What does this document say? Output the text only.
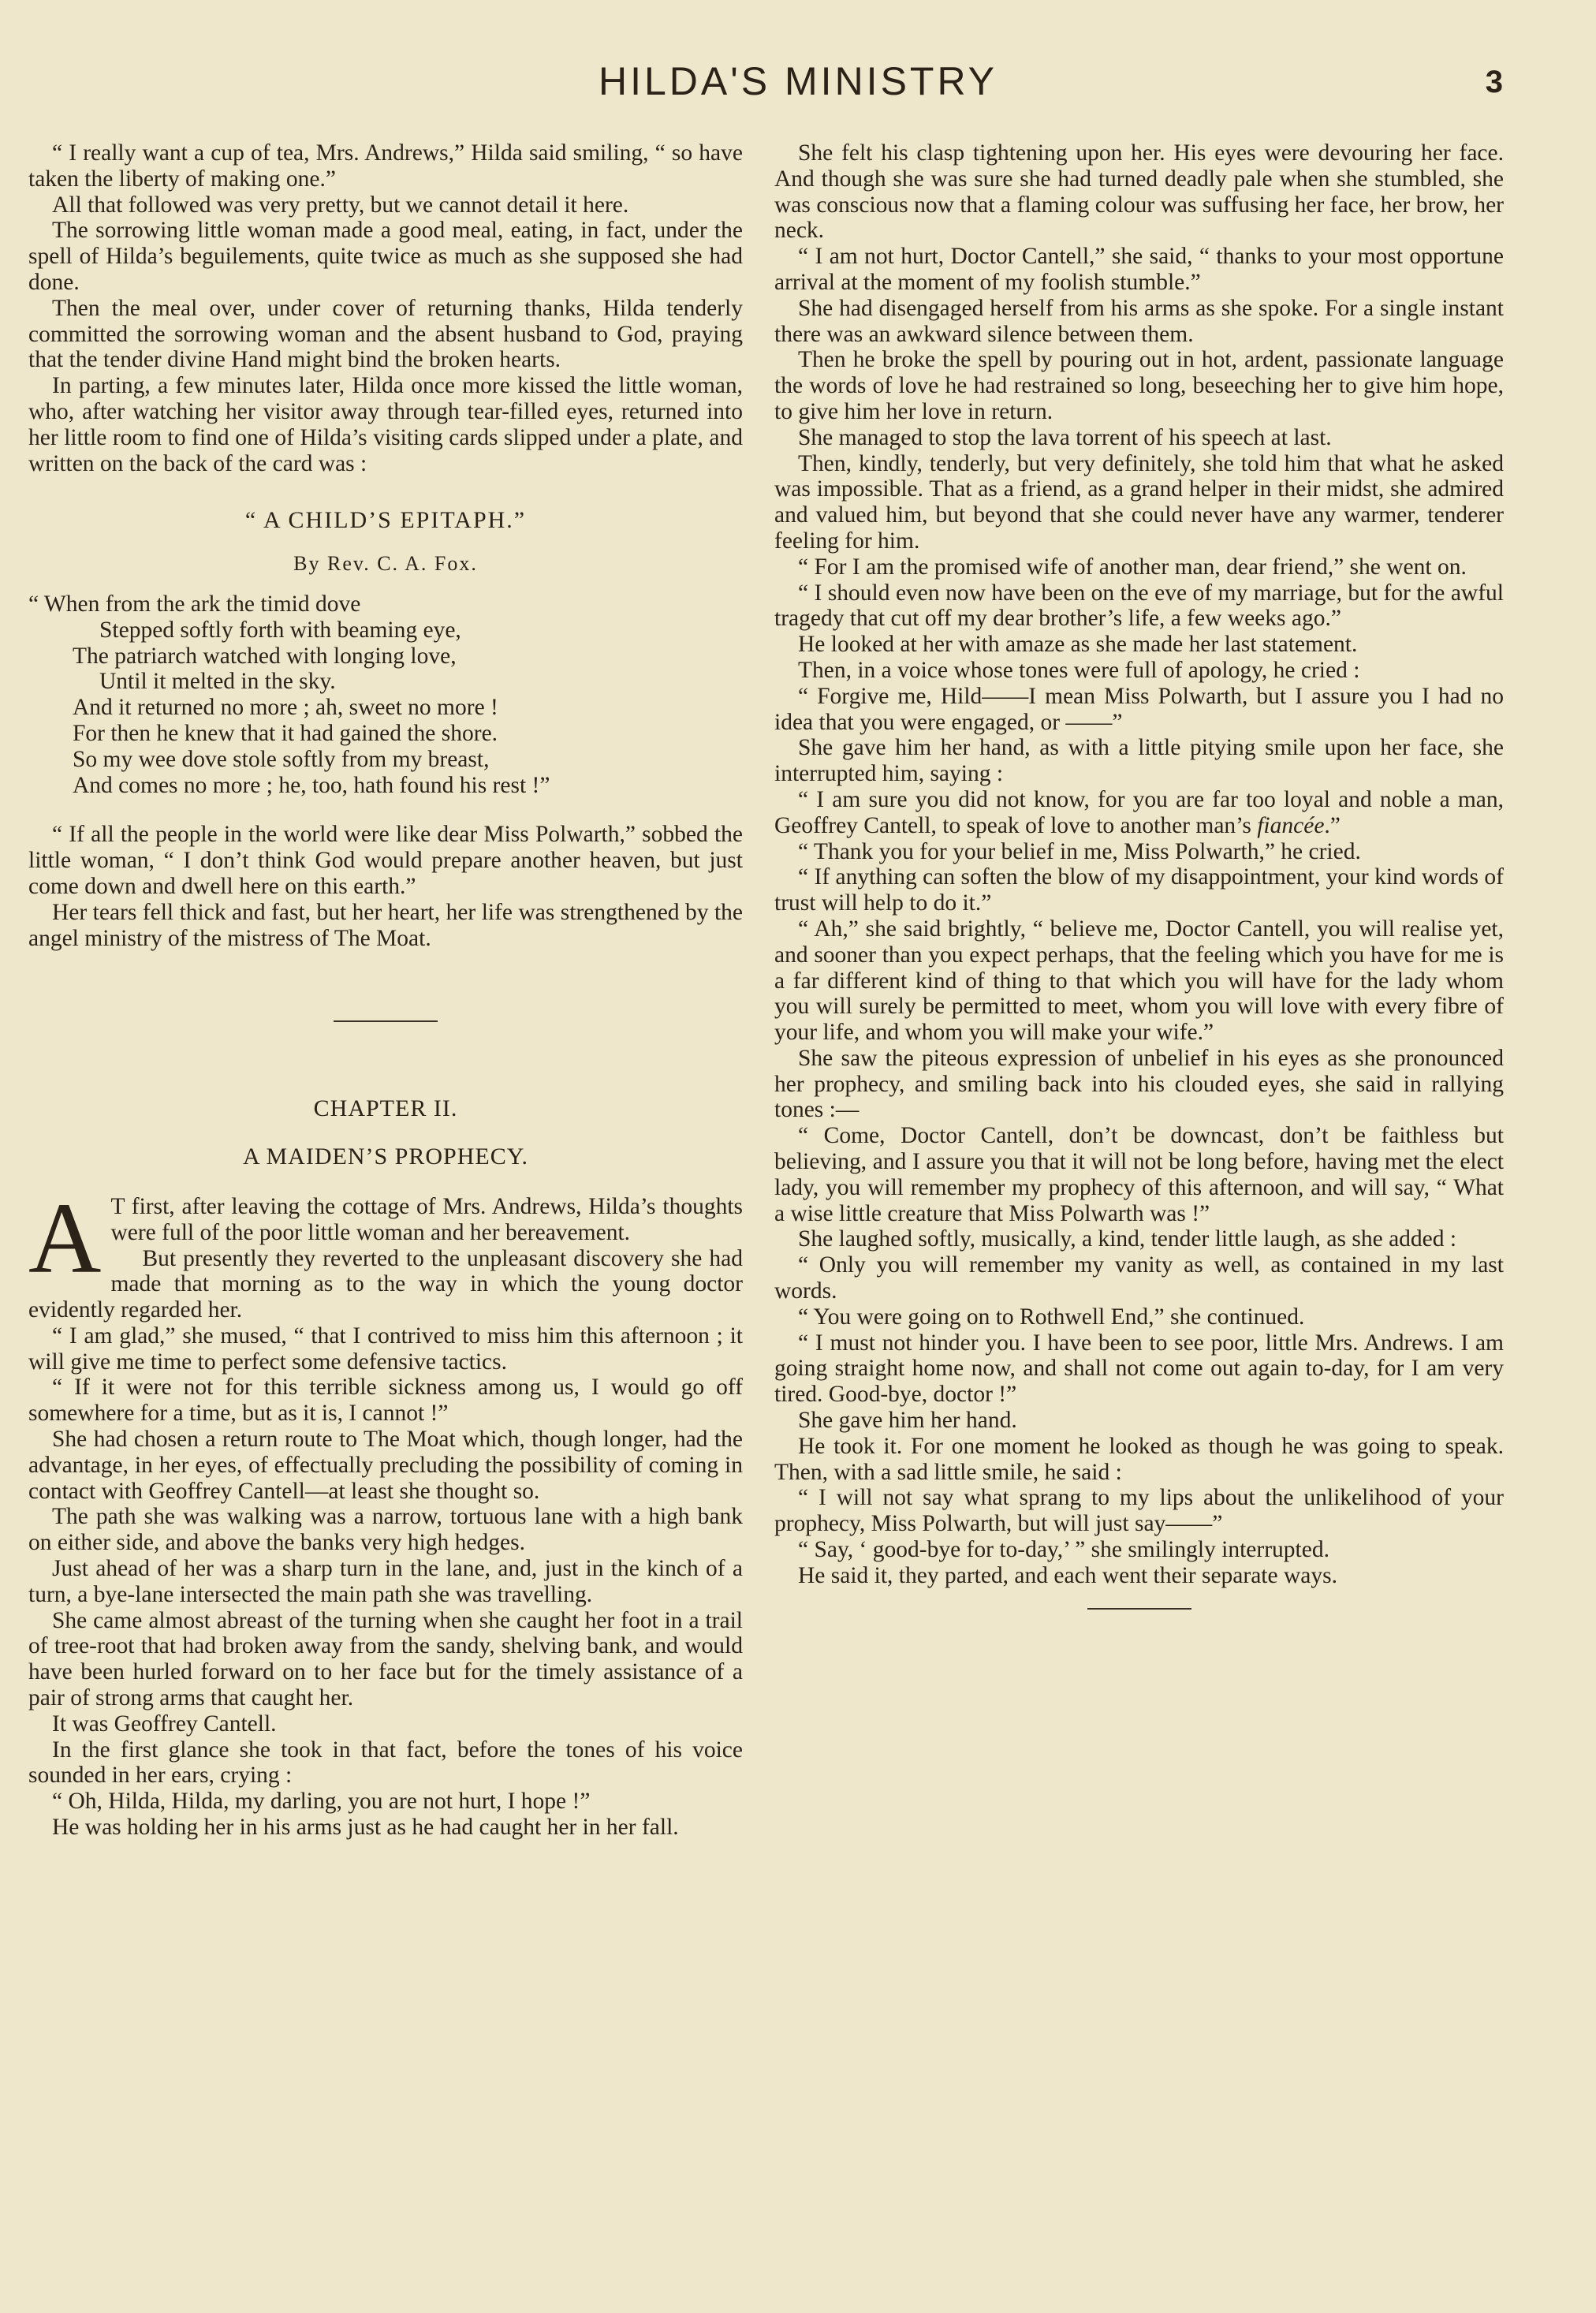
HILDA'S MINISTRY	3

“ I really want a cup of tea, Mrs. Andrews,” Hilda said smiling, “ so have taken the liberty of making one.”

All that followed was very pretty, but we cannot detail it here.

The sorrowing little woman made a good meal, eating, in fact, under the spell of Hilda’s beguilements, quite twice as much as she supposed she had done.

Then the meal over, under cover of returning thanks, Hilda tenderly committed the sorrowing woman and the absent husband to God, praying that the tender divine Hand might bind the broken hearts.

In parting, a few minutes later, Hilda once more kissed the little woman, who, after watching her visitor away through tear-filled eyes, returned into her little room to find one of Hilda’s visiting cards slipped under a plate, and written on the back of the card was :

“ A CHILD’S EPITAPH.”

By Rev. C. A. Fox.

“ When from the ark the timid dove
Stepped softly forth with beaming eye,
The patriarch watched with longing love,
Until it melted in the sky.
And it returned no more ; ah, sweet no more !
For then he knew that it had gained the shore.
So my wee dove stole softly from my breast,
And comes no more ; he, too, hath found his rest !”

“ If all the people in the world were like dear Miss Polwarth,” sobbed the little woman, “ I don’t think God would prepare another heaven, but just come down and dwell here on this earth.”

Her tears fell thick and fast, but her heart, her life was strengthened by the angel ministry of the mistress of The Moat.

CHAPTER II.

A MAIDEN’S PROPHECY.

A T first, after leaving the cottage of Mrs. Andrews, Hilda’s thoughts were full of the poor little woman and her bereavement.
But presently they reverted to the unpleasant discovery she had made that morning as to the way in which the young doctor evidently regarded her.

“ I am glad,” she mused, “ that I contrived to miss him this afternoon ; it will give me time to perfect some defensive tactics.

“ If it were not for this terrible sickness among us, I would go off somewhere for a time, but as it is, I cannot !”

She had chosen a return route to The Moat which, though longer, had the advantage, in her eyes, of effectually precluding the possibility of coming in contact with Geoffrey Cantell—at least she thought so.

The path she was walking was a narrow, tortuous lane with a high bank on either side, and above the banks very high hedges.

Just ahead of her was a sharp turn in the lane, and, just in the kinch of a turn, a bye-lane intersected the main path she was travelling.

She came almost abreast of the turning when she caught her foot in a trail of tree-root that had broken away from the sandy, shelving bank, and would have been hurled forward on to her face but for the timely assistance of a pair of strong arms that caught her.

It was Geoffrey Cantell.

In the first glance she took in that fact, before the tones of his voice sounded in her ears, crying :

“ Oh, Hilda, Hilda, my darling, you are not hurt, I hope !”

He was holding her in his arms just as he had caught her in her fall.

She felt his clasp tightening upon her. His eyes were devouring her face. And though she was sure she had turned deadly pale when she stumbled, she was conscious now that a flaming colour was suffusing her face, her brow, her neck.

“ I am not hurt, Doctor Cantell,” she said, “ thanks to your most opportune arrival at the moment of my foolish stumble.”

She had disengaged herself from his arms as she spoke. For a single instant there was an awkward silence between them.

Then he broke the spell by pouring out in hot, ardent, passionate language the words of love he had restrained so long, beseeching her to give him hope, to give him her love in return.

She managed to stop the lava torrent of his speech at last.

Then, kindly, tenderly, but very definitely, she told him that what he asked was impossible. That as a friend, as a grand helper in their midst, she admired and valued him, but beyond that she could never have any warmer, tenderer feeling for him.

“ For I am the promised wife of another man, dear friend,” she went on.

“ I should even now have been on the eve of my marriage, but for the awful tragedy that cut off my dear brother’s life, a few weeks ago.”

He looked at her with amaze as she made her last statement.

Then, in a voice whose tones were full of apology, he cried :

“ Forgive me, Hild——I mean Miss Polwarth, but I assure you I had no idea that you were engaged, or ——”

She gave him her hand, as with a little pitying smile upon her face, she interrupted him, saying :

“ I am sure you did not know, for you are far too loyal and noble a man, Geoffrey Cantell, to speak of love to another man’s fiancée.”

“ Thank you for your belief in me, Miss Polwarth,” he cried.

“ If anything can soften the blow of my disappointment, your kind words of trust will help to do it.”

“ Ah,” she said brightly, “ believe me, Doctor Cantell, you will realise yet, and sooner than you expect perhaps, that the feeling which you have for me is a far different kind of thing to that which you will have for the lady whom you will surely be permitted to meet, whom you will love with every fibre of your life, and whom you will make your wife.”

She saw the piteous expression of unbelief in his eyes as she pronounced her prophecy, and smiling back into his clouded eyes, she said in rallying tones :—

“ Come, Doctor Cantell, don’t be downcast, don’t be faithless but believing, and I assure you that it will not be long before, having met the elect lady, you will remember my prophecy of this afternoon, and will say, “ What a wise little creature that Miss Polwarth was !”

She laughed softly, musically, a kind, tender little laugh, as she added :

“ Only you will remember my vanity as well, as contained in my last words.

“ You were going on to Rothwell End,” she continued.

“ I must not hinder you. I have been to see poor, little Mrs. Andrews. I am going straight home now, and shall not come out again to-day, for I am very tired. Good-bye, doctor !”

She gave him her hand.

He took it. For one moment he looked as though he was going to speak. Then, with a sad little smile, he said :

“ I will not say what sprang to my lips about the unlikelihood of your prophecy, Miss Polwarth, but will just say——”

“ Say, ‘ good-bye for to-day,’ ” she smilingly interrupted.

He said it, they parted, and each went their separate ways.
